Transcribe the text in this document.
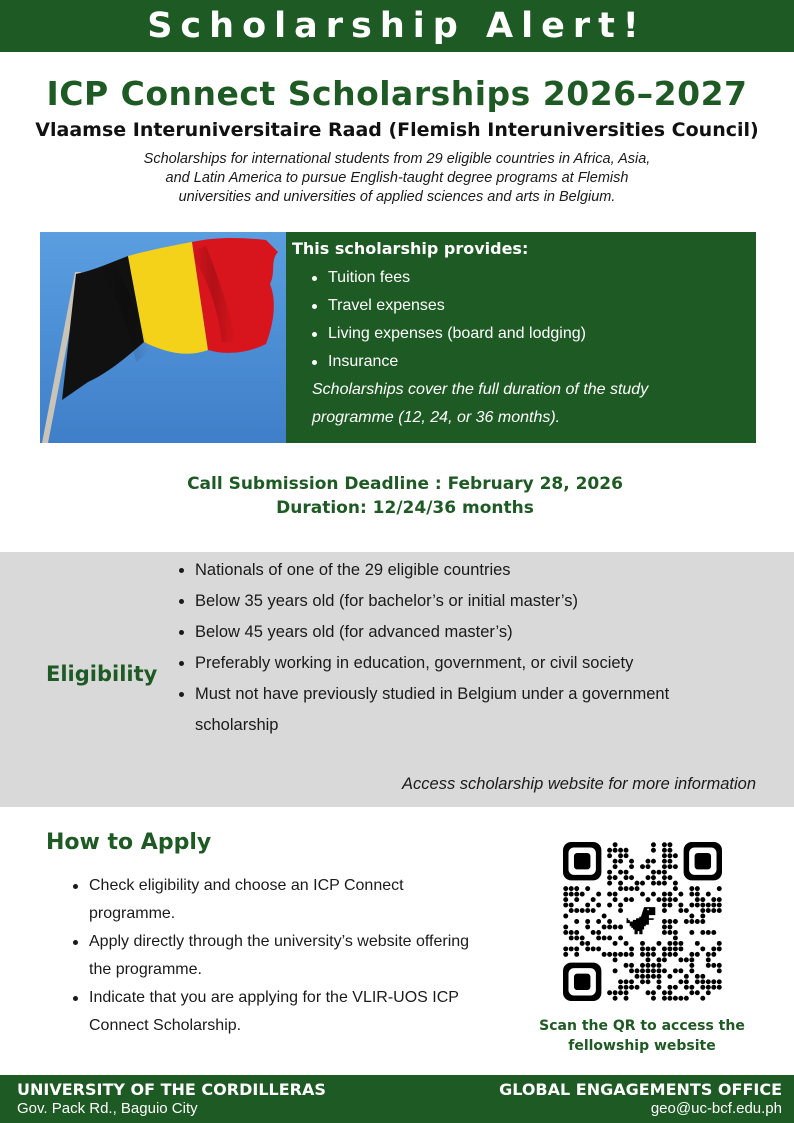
Scholarship Alert!
ICP Connect Scholarships 2026–2027
Vlaamse Interuniversitaire Raad (Flemish Interuniversities Council)
Scholarships for international students from 29 eligible countries in Africa, Asia,
and Latin America to pursue English-taught degree programs at Flemish
universities and universities of applied sciences and arts in Belgium.
This scholarship provides:
Tuition fees
Travel expenses
Living expenses (board and lodging)
Insurance
Scholarships cover the full duration of the study
programme (12, 24, or 36 months).
Call Submission Deadline : February 28, 2026
Duration: 12/24/36 months
Eligibility
Nationals of one of the 29 eligible countries
Below 35 years old (for bachelor’s or initial master’s)
Below 45 years old (for advanced master’s)
Preferably working in education, government, or civil society
Must not have previously studied in Belgium under a government scholarship
Access scholarship website for more information
How to Apply
Check eligibility and choose an ICP Connect programme.
Apply directly through the university’s website offering the programme.
Indicate that you are applying for the VLIR-UOS ICP Connect Scholarship.	Scan the QR to access the
fellowship website
UNIVERSITY OF THE CORDILLERAS
Gov. Pack Rd., Baguio City
GLOBAL ENGAGEMENTS OFFICE
geo@uc-bcf.edu.ph
